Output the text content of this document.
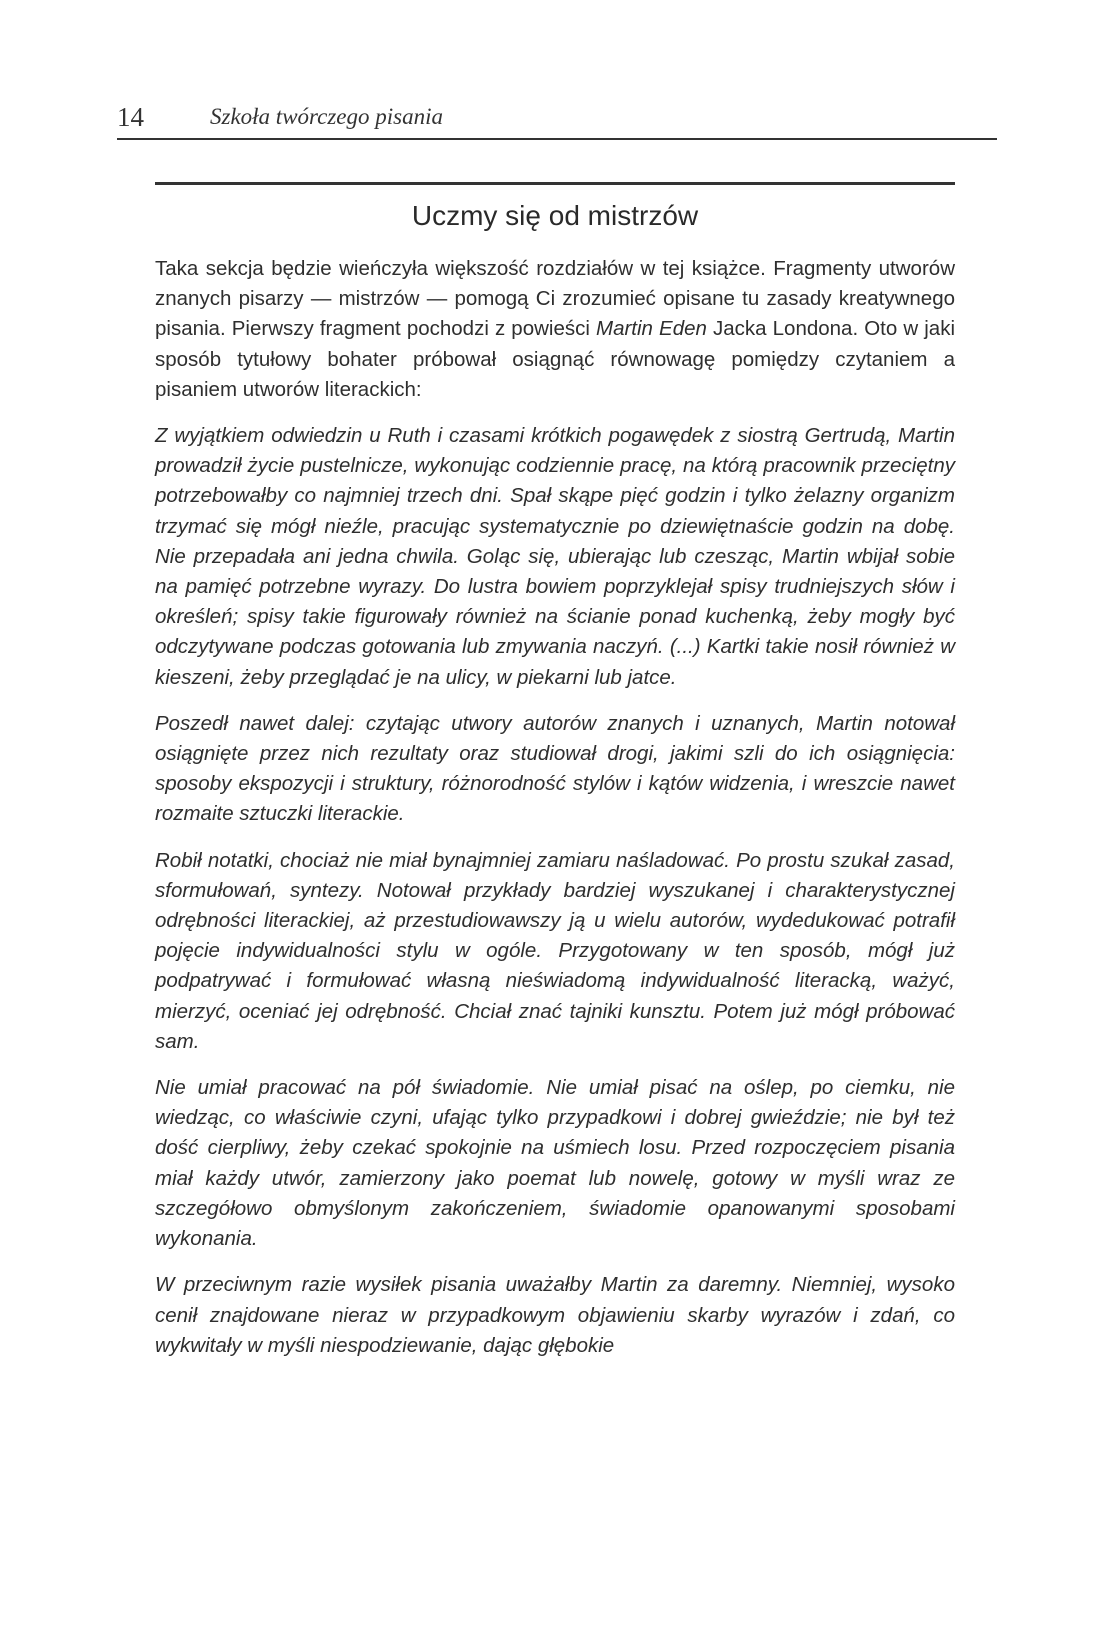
14	Szkoła twórczego pisania
Uczmy się od mistrzów

Taka sekcja będzie wieńczyła większość rozdziałów w tej książce. Fragmenty utworów znanych pisarzy — mistrzów — pomogą Ci zrozumieć opisane tu zasady kreatywnego pisania. Pierwszy fragment pochodzi z powieści Martin Eden Jacka Londona. Oto w jaki sposób tytułowy bohater próbował osiągnąć równowagę pomiędzy czytaniem a pisaniem utworów literackich:

Z wyjątkiem odwiedzin u Ruth i czasami krótkich pogawędek z siostrą Gertrudą, Martin prowadził życie pustelnicze, wykonując codziennie pracę, na którą pracownik przeciętny potrzebowałby co najmniej trzech dni. Spał skąpe pięć godzin i tylko żelazny organizm trzymać się mógł nieźle, pracując systematycznie po dziewiętnaście godzin na dobę. Nie przepadała ani jedna chwila. Goląc się, ubierając lub czesząc, Martin wbijał sobie na pamięć potrzebne wyrazy. Do lustra bowiem poprzyklejał spisy trudniejszych słów i określeń; spisy takie figurowały również na ścianie ponad kuchenką, żeby mogły być odczytywane podczas gotowania lub zmywania naczyń. (...) Kartki takie nosił również w kieszeni, żeby przeglądać je na ulicy, w piekarni lub jatce.

Poszedł nawet dalej: czytając utwory autorów znanych i uznanych, Martin notował osiągnięte przez nich rezultaty oraz studiował drogi, jakimi szli do ich osiągnięcia: sposoby ekspozycji i struktury, różnorodność stylów i kątów widzenia, i wreszcie nawet rozmaite sztuczki literackie.

Robił notatki, chociaż nie miał bynajmniej zamiaru naśladować. Po prostu szukał zasad, sformułowań, syntezy. Notował przykłady bardziej wyszukanej i charakterystycznej odrębności literackiej, aż przestudiowawszy ją u wielu autorów, wydedukować potrafił pojęcie indywidualności stylu w ogóle. Przygotowany w ten sposób, mógł już podpatrywać i formułować własną nieświadomą indywidualność literacką, ważyć, mierzyć, oceniać jej odrębność. Chciał znać tajniki kunsztu. Potem już mógł próbować sam.

Nie umiał pracować na pół świadomie. Nie umiał pisać na oślep, po ciemku, nie wiedząc, co właściwie czyni, ufając tylko przypadkowi i dobrej gwieździe; nie był też dość cierpliwy, żeby czekać spokojnie na uśmiech losu. Przed rozpoczęciem pisania miał każdy utwór, zamierzony jako poemat lub nowelę, gotowy w myśli wraz ze szczegółowo obmyślonym zakończeniem, świadomie opanowanymi sposobami wykonania.

W przeciwnym razie wysiłek pisania uważałby Martin za daremny. Niemniej, wysoko cenił znajdowane nieraz w przypadkowym objawieniu skarby wyrazów i zdań, co wykwitały w myśli niespodziewanie, dając głębokie
